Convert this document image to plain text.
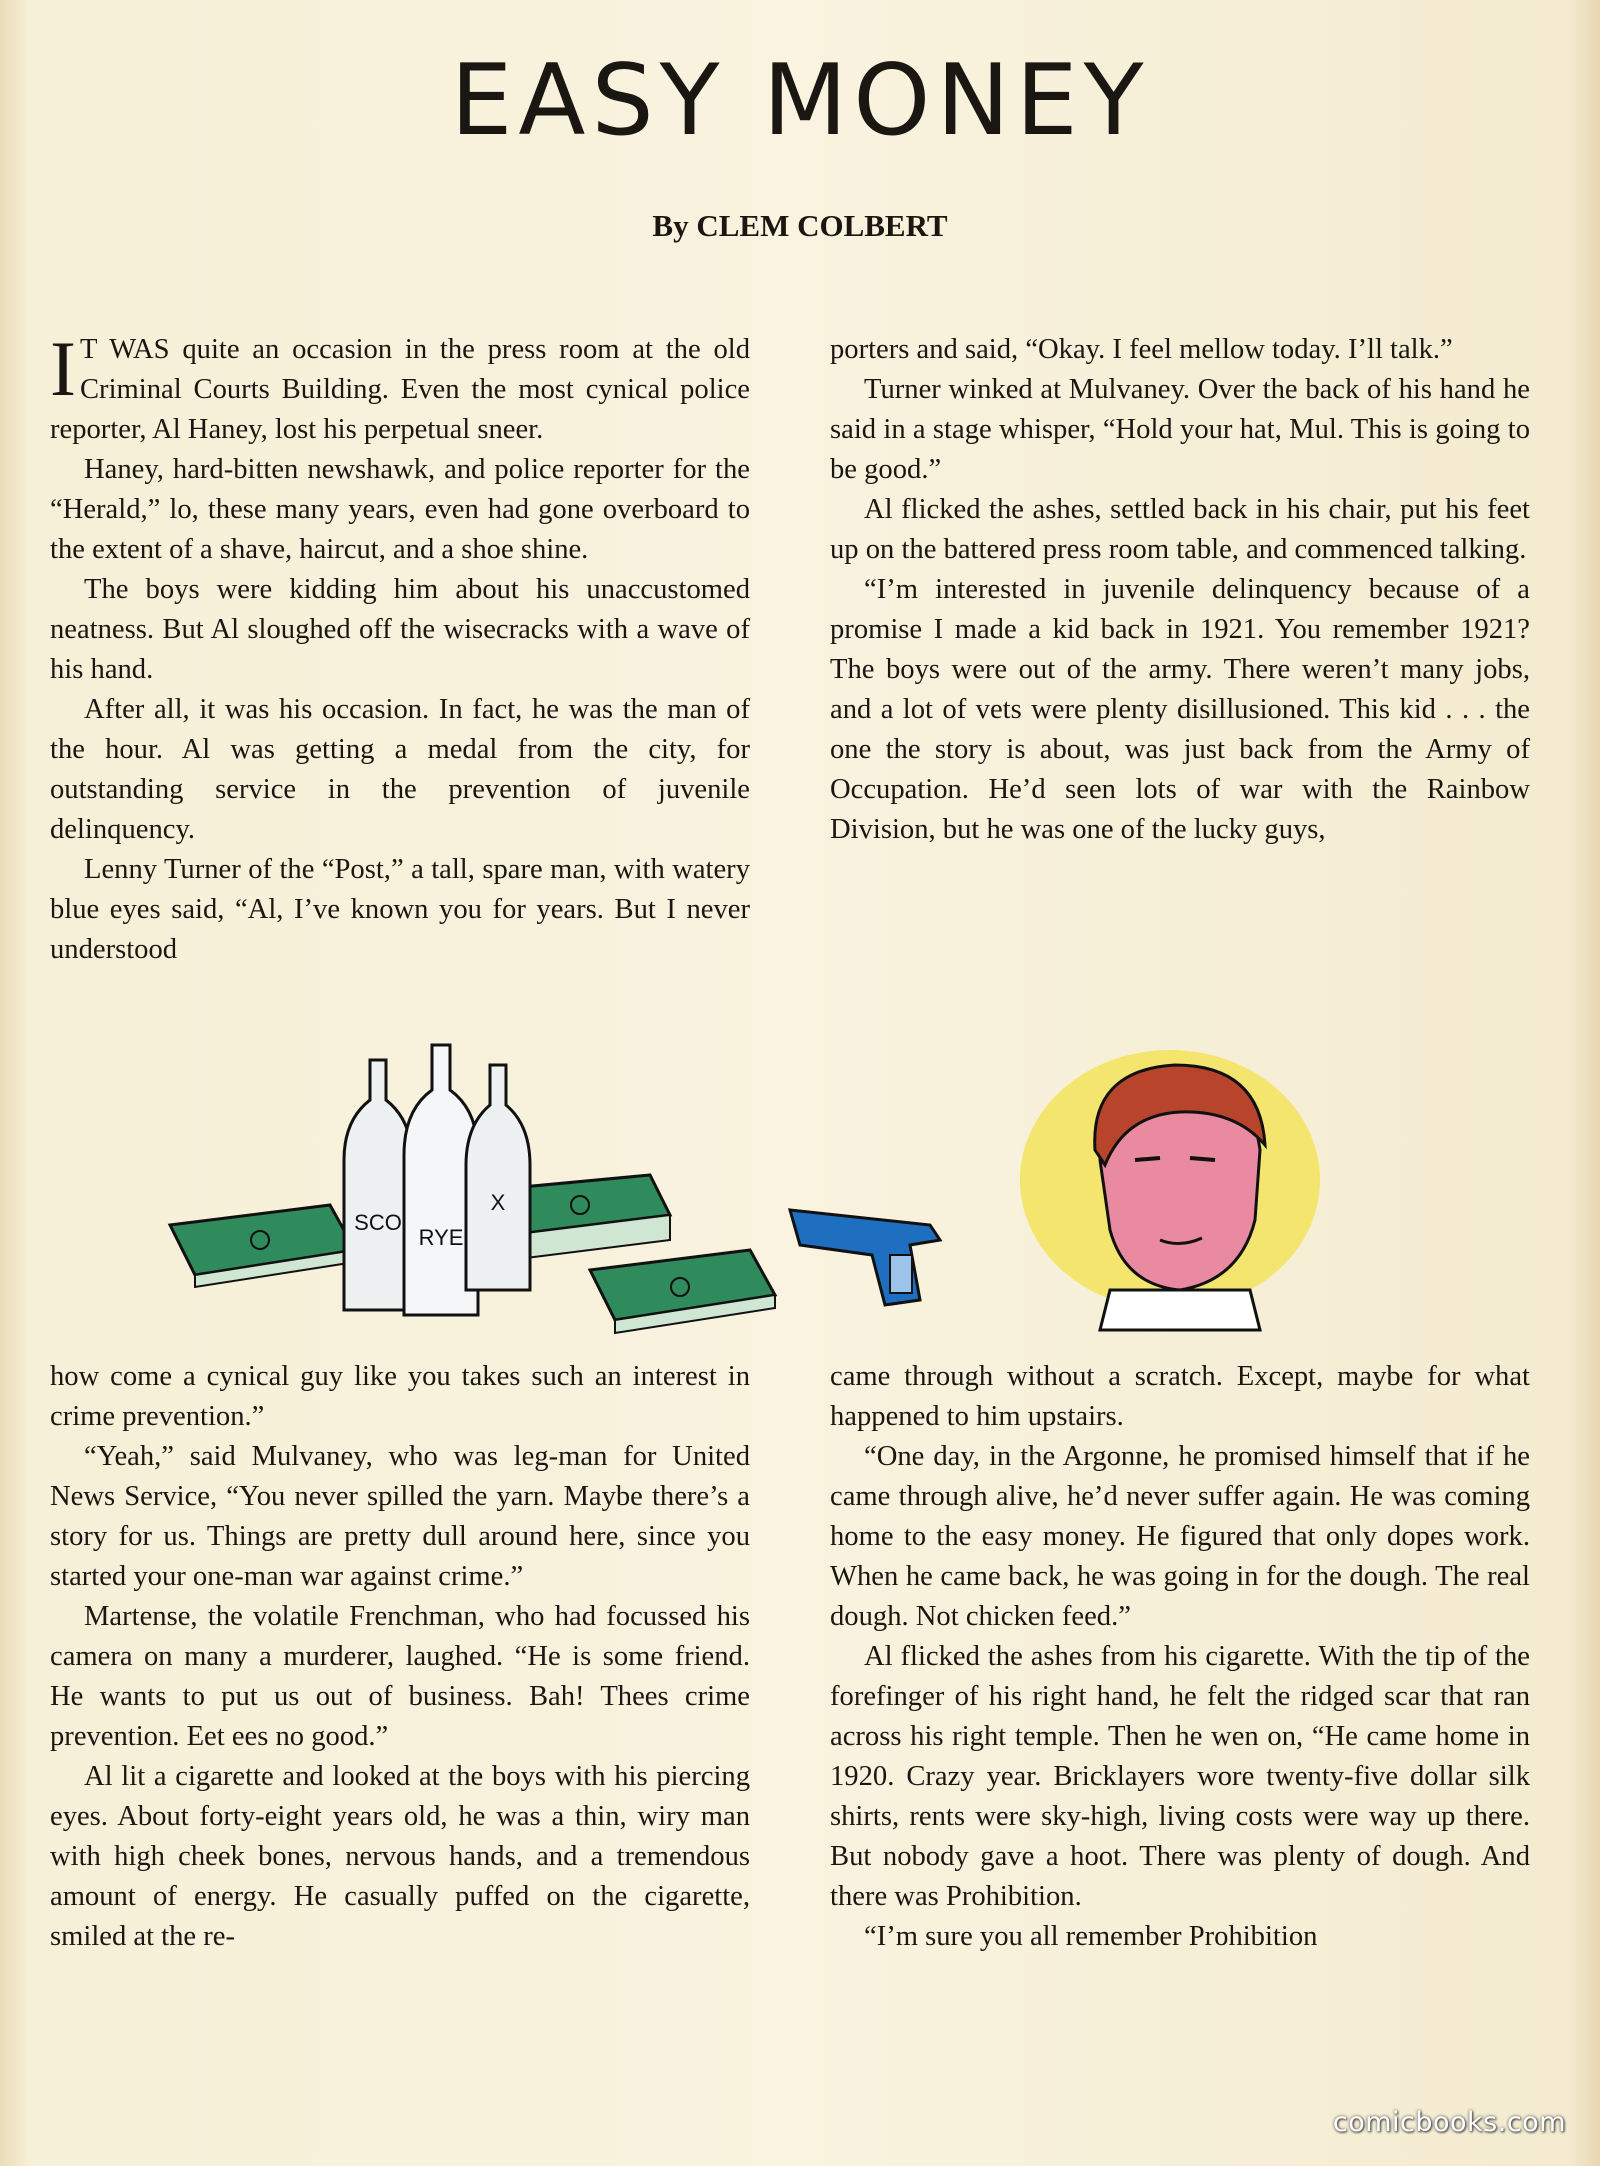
EASY MONEY
By CLEM COLBERT

I T WAS quite an occasion in the press room at the old Criminal Courts Building. Even the most cynical police reporter, Al Haney, lost his perpetual sneer.

Haney, hard-bitten newshawk, and police reporter for the “Herald,” lo, these many years, even had gone overboard to the extent of a shave, haircut, and a shoe shine.

The boys were kidding him about his unaccustomed neatness. But Al sloughed off the wisecracks with a wave of his hand.

After all, it was his occasion. In fact, he was the man of the hour. Al was getting a medal from the city, for outstanding service in the prevention of juvenile delinquency.

Lenny Turner of the “Post,” a tall, spare man, with watery blue eyes said, “Al, I’ve known you for years. But I never understood

porters and said, “Okay. I feel mellow today. I’ll talk.”

Turner winked at Mulvaney. Over the back of his hand he said in a stage whisper, “Hold your hat, Mul. This is going to be good.”

Al flicked the ashes, settled back in his chair, put his feet up on the battered press room table, and commenced talking.

“I’m interested in juvenile delinquency because of a promise I made a kid back in 1921. You remember 1921? The boys were out of the army. There weren’t many jobs, and a lot of vets were plenty disillusioned. This kid . . . the one the story is about, was just back from the Army of Occupation. He’d seen lots of war with the Rainbow Division, but he was one of the lucky guys,

SCO
RYE
X

how come a cynical guy like you takes such an interest in crime prevention.”

“Yeah,” said Mulvaney, who was leg-man for United News Service, “You never spilled the yarn. Maybe there’s a story for us. Things are pretty dull around here, since you started your one-man war against crime.”

Martense, the volatile Frenchman, who had focussed his camera on many a murderer, laughed. “He is some friend. He wants to put us out of business. Bah! Thees crime prevention. Eet ees no good.”

Al lit a cigarette and looked at the boys with his piercing eyes. About forty-eight years old, he was a thin, wiry man with high cheek bones, nervous hands, and a tremendous amount of energy. He casually puffed on the cigarette, smiled at the re-

came through without a scratch. Except, maybe for what happened to him upstairs.

“One day, in the Argonne, he promised himself that if he came through alive, he’d never suffer again. He was coming home to the easy money. He figured that only dopes work. When he came back, he was going in for the dough. The real dough. Not chicken feed.”

Al flicked the ashes from his cigarette. With the tip of the forefinger of his right hand, he felt the ridged scar that ran across his right temple. Then he wen on, “He came home in 1920. Crazy year. Bricklayers wore twenty-five dollar silk shirts, rents were sky-high, living costs were way up there. But nobody gave a hoot. There was plenty of dough. And there was Prohibition.

“I’m sure you all remember Prohibition

comicbooks.com
